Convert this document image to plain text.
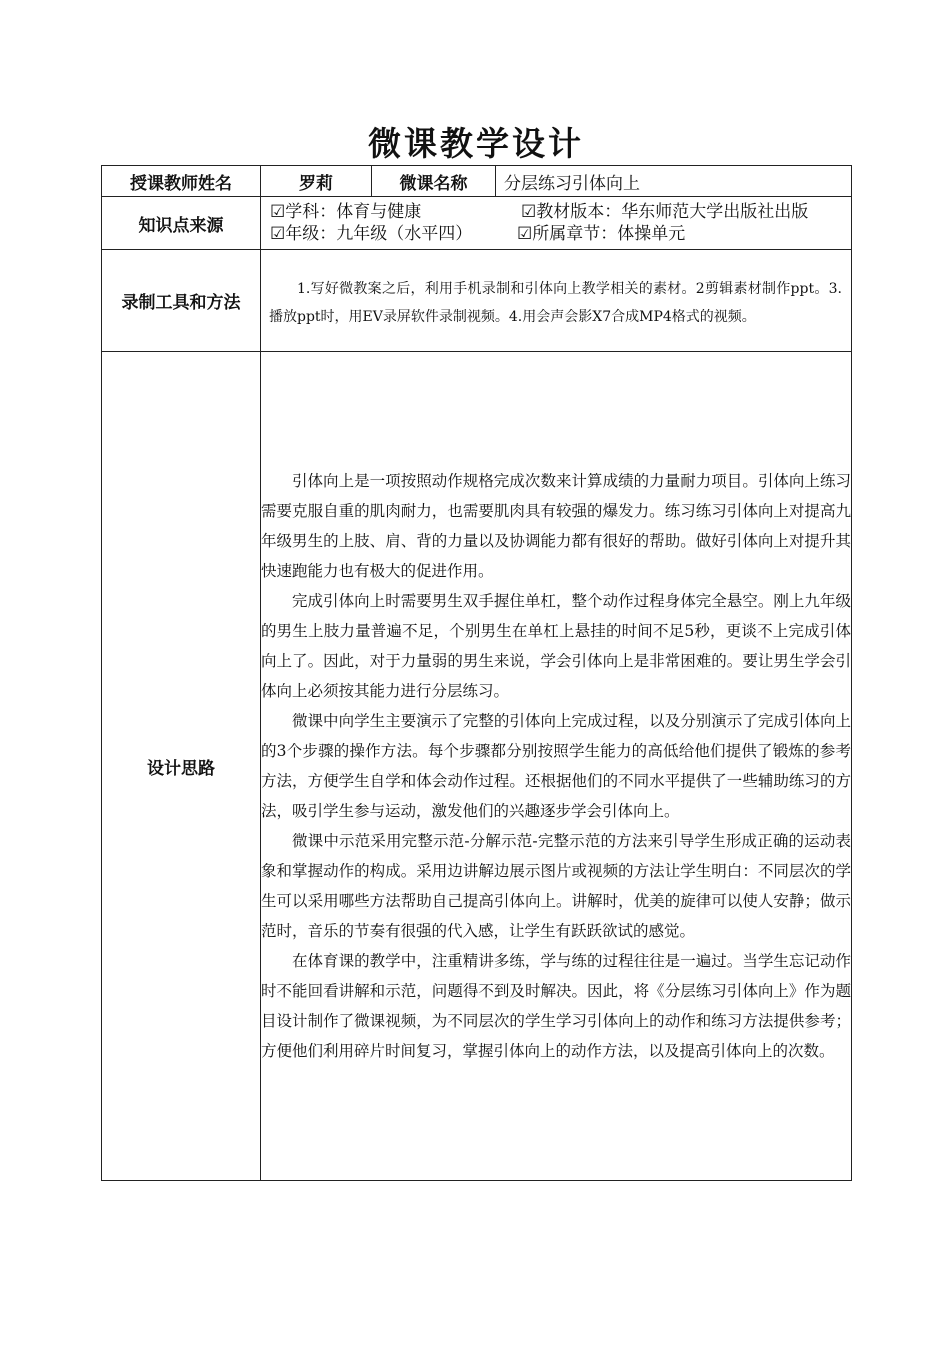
微课教学设计
授课教师姓名	罗莉	微课名称	分层练习引体向上
知识点来源	☑学科：体育与健康 ☑教材版本：华东师范大学出版社出版
☑年级：九年级（水平四） ☑所属章节：体操单元		

录制工具和方法	1.写好微教案之后，利用手机录制和引体向上教学相关的素材。2剪辑素材制作ppt。3.播放ppt时，用EV录屏软件录制视频。4.用会声会影X7合成MP4格式的视频。		

设计思路	引体向上是一项按照动作规格完成次数来计算成绩的力量耐力项目。引体向上练习需要克服自重的肌肉耐力，也需要肌肉具有较强的爆发力。练习练习引体向上对提高九年级男生的上肢、肩、背的力量以及协调能力都有很好的帮助。做好引体向上对提升其快速跑能力也有极大的促进作用。

完成引体向上时需要男生双手握住单杠，整个动作过程身体完全悬空。刚上九年级的男生上肢力量普遍不足，个别男生在单杠上悬挂的时间不足5秒，更谈不上完成引体向上了。因此，对于力量弱的男生来说，学会引体向上是非常困难的。要让男生学会引体向上必须按其能力进行分层练习。

微课中向学生主要演示了完整的引体向上完成过程，以及分别演示了完成引体向上的3个步骤的操作方法。每个步骤都分别按照学生能力的高低给他们提供了锻炼的参考方法，方便学生自学和体会动作过程。还根据他们的不同水平提供了一些辅助练习的方法，吸引学生参与运动，激发他们的兴趣逐步学会引体向上。

微课中示范采用完整示范-分解示范-完整示范的方法来引导学生形成正确的运动表象和掌握动作的构成。采用边讲解边展示图片或视频的方法让学生明白：不同层次的学生可以采用哪些方法帮助自己提高引体向上。讲解时，优美的旋律可以使人安静；做示范时，音乐的节奏有很强的代入感，让学生有跃跃欲试的感觉。

在体育课的教学中，注重精讲多练，学与练的过程往往是一遍过。当学生忘记动作时不能回看讲解和示范，问题得不到及时解决。因此，将《分层练习引体向上》作为题目设计制作了微课视频，为不同层次的学生学习引体向上的动作和练习方法提供参考；方便他们利用碎片时间复习，掌握引体向上的动作方法，以及提高引体向上的次数。		
